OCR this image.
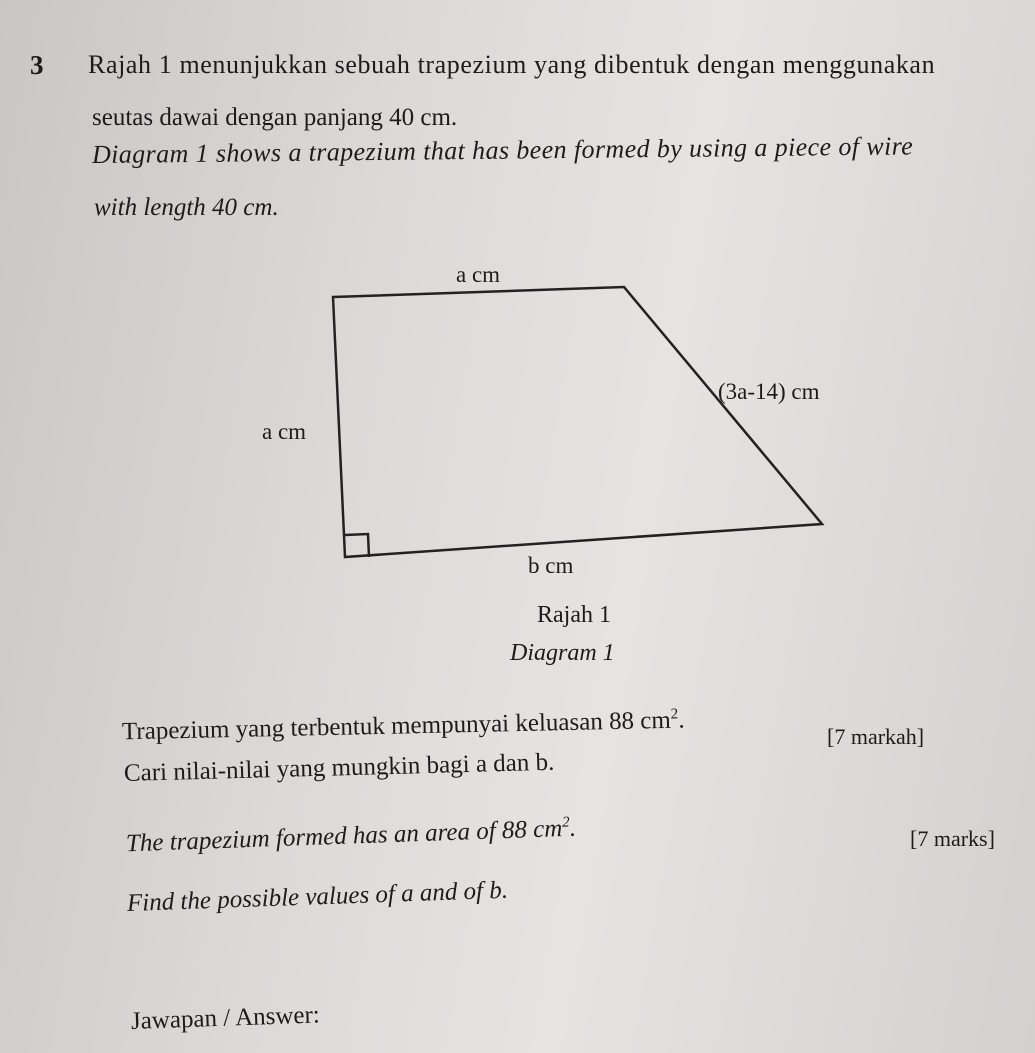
3 Rajah 1 menunjukkan sebuah trapezium yang dibentuk dengan menggunakan
seutas dawai dengan panjang 40 cm.
Diagram 1 shows a trapezium that has been formed by using a piece of wire
with length 40 cm.
a cm
a cm
(3a-14) cm
b cm
Rajah 1
Diagram 1
Trapezium yang terbentuk mempunyai keluasan 88 $cm^2$.
[7 markah]
Cari nilai-nilai yang mungkin bagi a dan b.
The trapezium formed has an area of 88 $cm^2$.	[7 marks]
Find the possible values of a and of b.
Jawapan / Answer:
